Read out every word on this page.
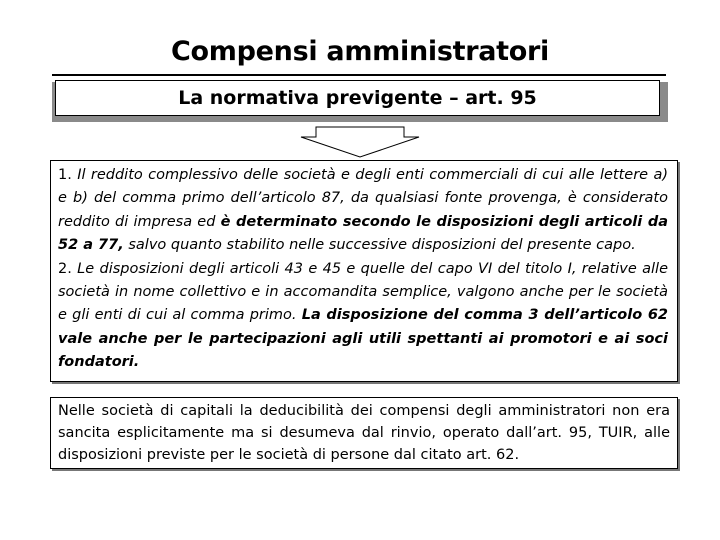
Compensi amministratori
La normativa previgente – art. 95

1. Il reddito complessivo delle società e degli enti commerciali di cui alle lettere a) e b) del comma primo dell’articolo 87, da qualsiasi fonte provenga, è considerato reddito di impresa ed è determinato secondo le disposizioni degli articoli da 52 a 77, salvo quanto stabilito nelle successive disposizioni del presente capo.

2. Le disposizioni degli articoli 43 e 45 e quelle del capo VI del titolo I, relative alle società in nome collettivo e in accomandita semplice, valgono anche per le società e gli enti di cui al comma primo. La disposizione del comma 3 dell’articolo 62 vale anche per le partecipazioni agli utili spettanti ai promotori e ai soci fondatori.

Nelle società di capitali la deducibilità dei compensi degli amministratori non era sancita esplicitamente ma si desumeva dal rinvio, operato dall’art. 95, TUIR, alle disposizioni previste per le società di persone dal citato art. 62.
